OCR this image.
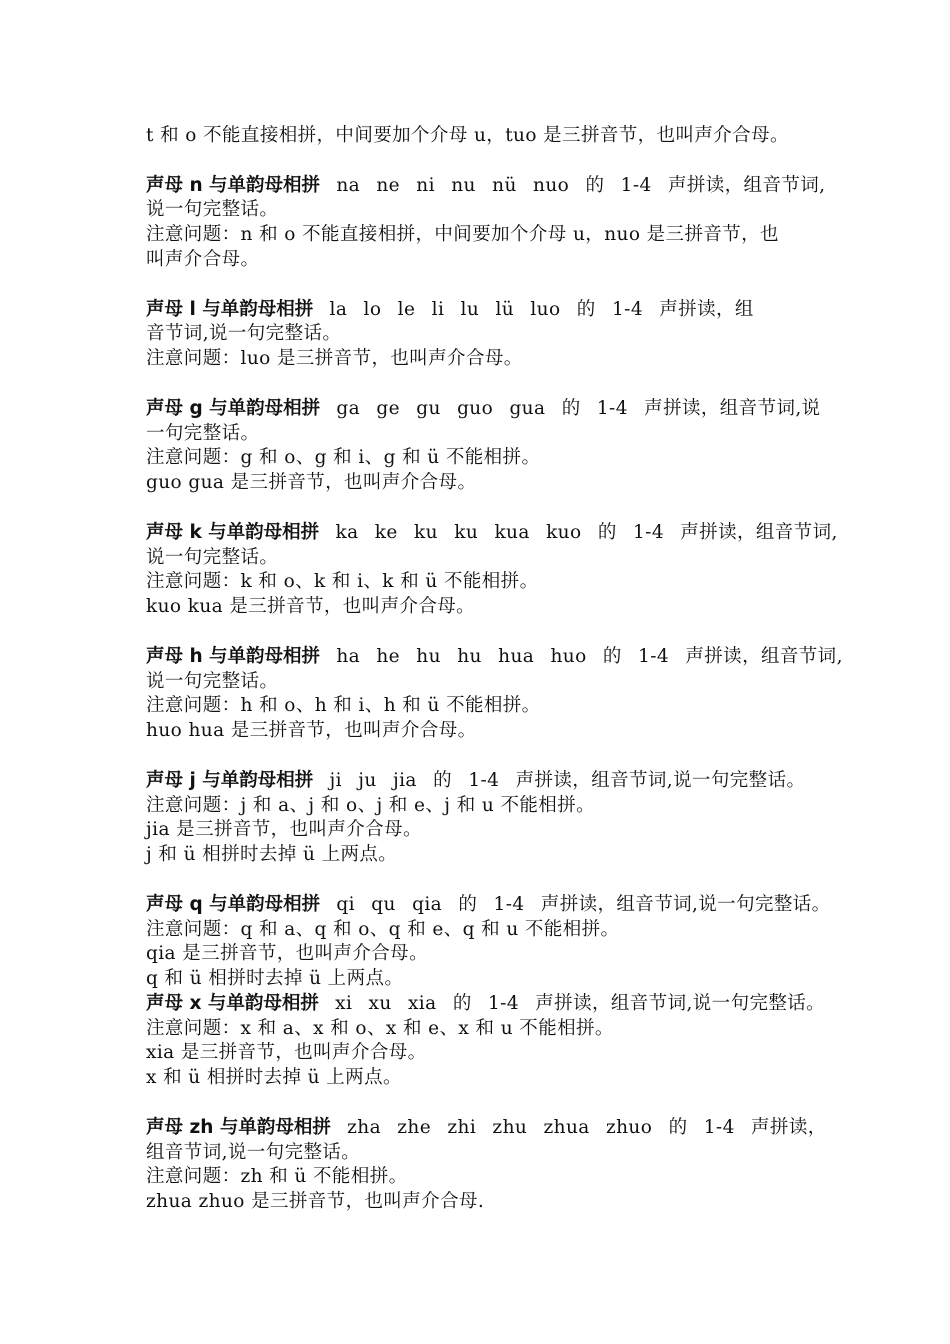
t 和 o 不能直接相拼，中间要加个介母 u，tuo 是三拼音节，也叫声介合母。
声母 n 与单韵母相拼 na ne ni nu nü nuo 的 1-4 声拼读，组音节词,
说一句完整话。
注意问题：n 和 o 不能直接相拼，中间要加个介母 u，nuo 是三拼音节，也
叫声介合母。
声母 l 与单韵母相拼 la lo le li lu lü luo 的 1-4 声拼读，组
音节词,说一句完整话。
注意问题：luo 是三拼音节，也叫声介合母。
声母 g 与单韵母相拼 ga ge gu guo gua 的 1-4 声拼读，组音节词,说
一句完整话。
注意问题：g 和 o、g 和 i、g 和 ü 不能相拼。
guo gua 是三拼音节，也叫声介合母。
声母 k 与单韵母相拼 ka ke ku ku kua kuo 的 1-4 声拼读，组音节词,
说一句完整话。
注意问题：k 和 o、k 和 i、k 和 ü 不能相拼。
kuo kua 是三拼音节，也叫声介合母。
声母 h 与单韵母相拼 ha he hu hu hua huo 的 1-4 声拼读，组音节词,
说一句完整话。
注意问题：h 和 o、h 和 i、h 和 ü 不能相拼。
huo hua 是三拼音节，也叫声介合母。
声母 j 与单韵母相拼 ji ju jia 的 1-4 声拼读，组音节词,说一句完整话。
注意问题：j 和 a、j 和 o、j 和 e、j 和 u 不能相拼。
jia 是三拼音节，也叫声介合母。
j 和 ü 相拼时去掉 ü 上两点。
声母 q 与单韵母相拼 qi qu qia 的 1-4 声拼读，组音节词,说一句完整话。
注意问题：q 和 a、q 和 o、q 和 e、q 和 u 不能相拼。
qia 是三拼音节，也叫声介合母。
q 和 ü 相拼时去掉 ü 上两点。
声母 x 与单韵母相拼 xi xu xia 的 1-4 声拼读，组音节词,说一句完整话。
注意问题：x 和 a、x 和 o、x 和 e、x 和 u 不能相拼。
xia 是三拼音节，也叫声介合母。
x 和 ü 相拼时去掉 ü 上两点。
声母 zh 与单韵母相拼 zha zhe zhi zhu zhua zhuo 的 1-4 声拼读，
组音节词,说一句完整话。
注意问题：zh 和 ü 不能相拼。
zhua zhuo 是三拼音节，也叫声介合母.
